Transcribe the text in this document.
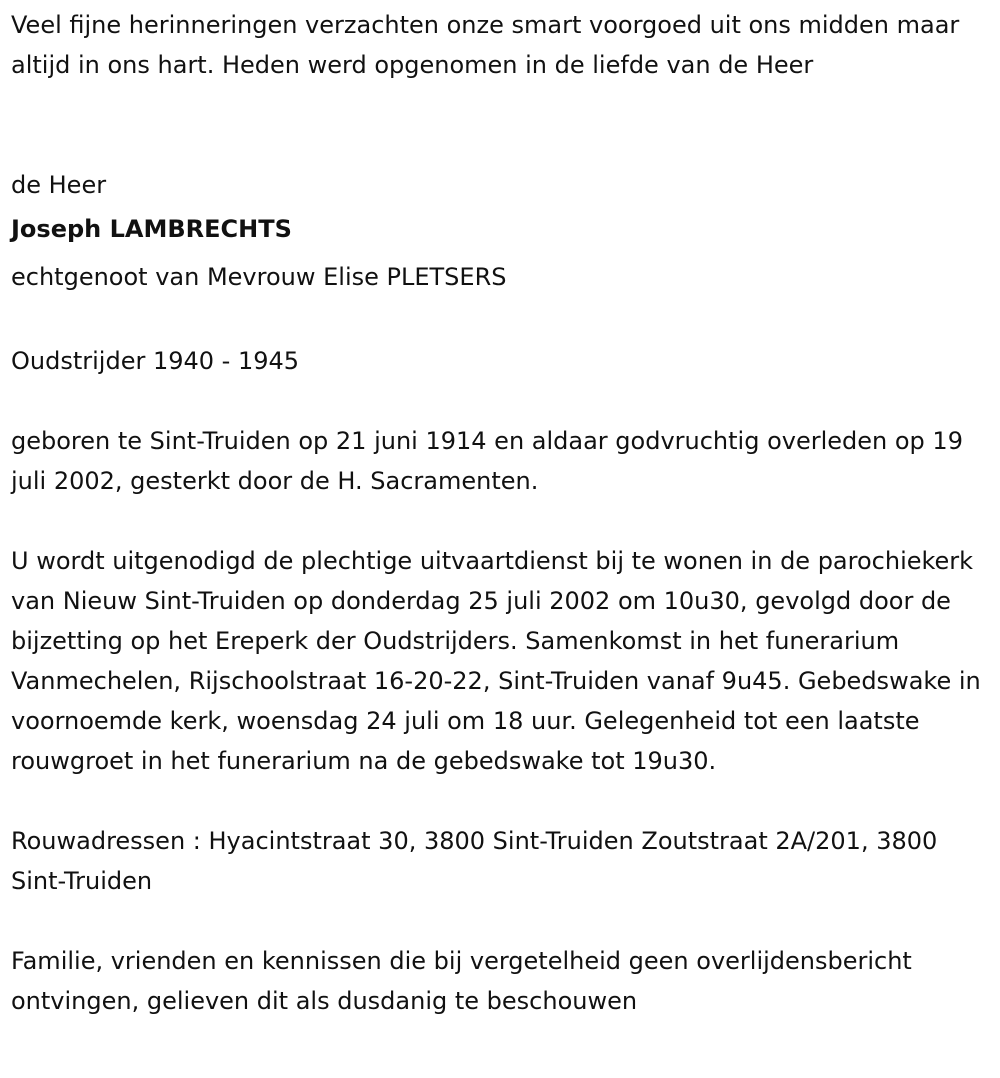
Veel fijne herinneringen verzachten onze smart voorgoed uit ons midden maar altijd in ons hart. Heden werd opgenomen in de liefde van de Heer

de Heer

Joseph LAMBRECHTS

echtgenoot van Mevrouw Elise PLETSERS

Oudstrijder 1940 - 1945

geboren te Sint-Truiden op 21 juni 1914 en aldaar godvruchtig overleden op 19 juli 2002, gesterkt door de H. Sacramenten.

U wordt uitgenodigd de plechtige uitvaartdienst bij te wonen in de parochiekerk van Nieuw Sint-Truiden op donderdag 25 juli 2002 om 10u30, gevolgd door de bijzetting op het Ereperk der Oudstrijders. Samenkomst in het funerarium Vanmechelen, Rijschoolstraat 16-20-22, Sint-Truiden vanaf 9u45. Gebedswake in voornoemde kerk, woensdag 24 juli om 18 uur. Gelegenheid tot een laatste rouwgroet in het funerarium na de gebedswake tot 19u30.

Rouwadressen : Hyacintstraat 30, 3800 Sint-Truiden Zoutstraat 2A/201, 3800 Sint-Truiden

Familie, vrienden en kennissen die bij vergetelheid geen overlijdensbericht ontvingen, gelieven dit als dusdanig te beschouwen
